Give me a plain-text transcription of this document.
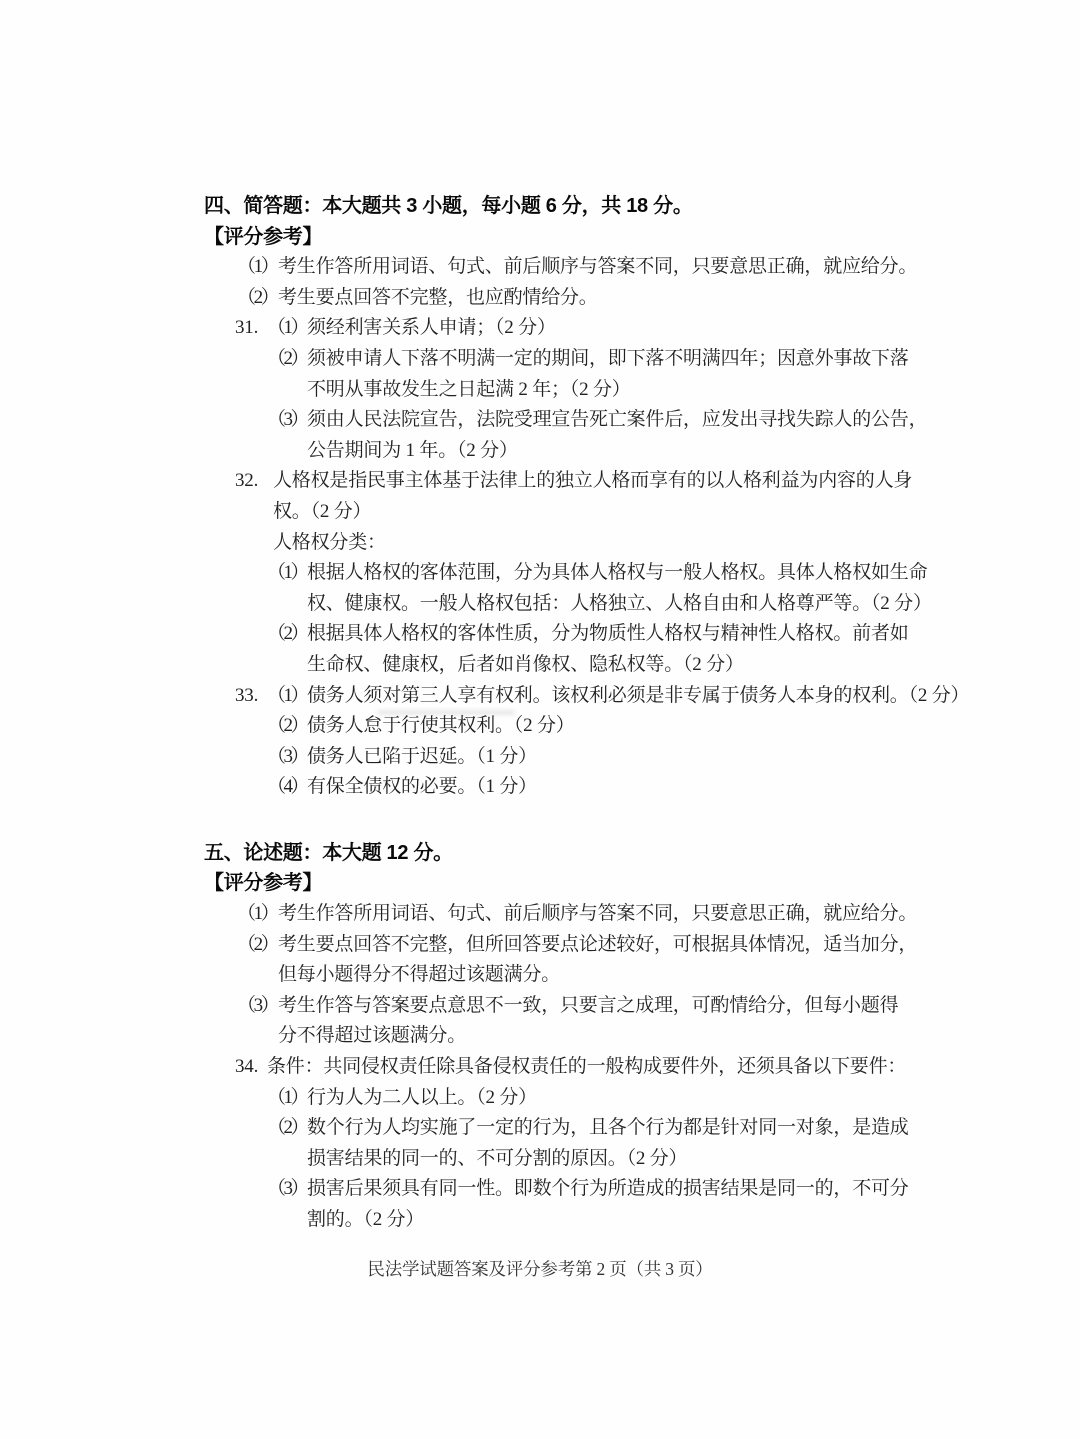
四、简答题：本大题共 3 小题，每小题 6 分，共 18 分。
【评分参考】
（1）考生作答所用词语、句式、前后顺序与答案不同，只要意思正确，就应给分。
（2）考生要点回答不完整，也应酌情给分。
31. （1）须经利害关系人申请；（2 分）
（2）须被申请人下落不明满一定的期间，即下落不明满四年；因意外事故下落
不明从事故发生之日起满 2 年；（2 分）
（3）须由人民法院宣告，法院受理宣告死亡案件后，应发出寻找失踪人的公告，
公告期间为 1 年。（2 分）
32. 人格权是指民事主体基于法律上的独立人格而享有的以人格利益为内容的人身
权。（2 分）
人格权分类：
（1）根据人格权的客体范围，分为具体人格权与一般人格权。具体人格权如生命
权、健康权。一般人格权包括：人格独立、人格自由和人格尊严等。（2 分）
（2）根据具体人格权的客体性质，分为物质性人格权与精神性人格权。前者如
生命权、健康权，后者如肖像权、隐私权等。（2 分）
33. （1）债务人须对第三人享有权利。该权利必须是非专属于债务人本身的权利。（2 分）
（2）债务人怠于行使其权利。（2 分）
（3）债务人已陷于迟延。（1 分）
（4）有保全债权的必要。（1 分）
五、论述题：本大题 12 分。
【评分参考】
（1）考生作答所用词语、句式、前后顺序与答案不同，只要意思正确，就应给分。
（2）考生要点回答不完整，但所回答要点论述较好，可根据具体情况，适当加分，
但每小题得分不得超过该题满分。
（3）考生作答与答案要点意思不一致，只要言之成理，可酌情给分，但每小题得
分不得超过该题满分。
34. 条件：共同侵权责任除具备侵权责任的一般构成要件外，还须具备以下要件：
（1）行为人为二人以上。（2 分）
（2）数个行为人均实施了一定的行为，且各个行为都是针对同一对象，是造成
损害结果的同一的、不可分割的原因。（2 分）
（3）损害后果须具有同一性。即数个行为所造成的损害结果是同一的，不可分
割的。（2 分）
民法学试题答案及评分参考第 2 页（共 3 页）
